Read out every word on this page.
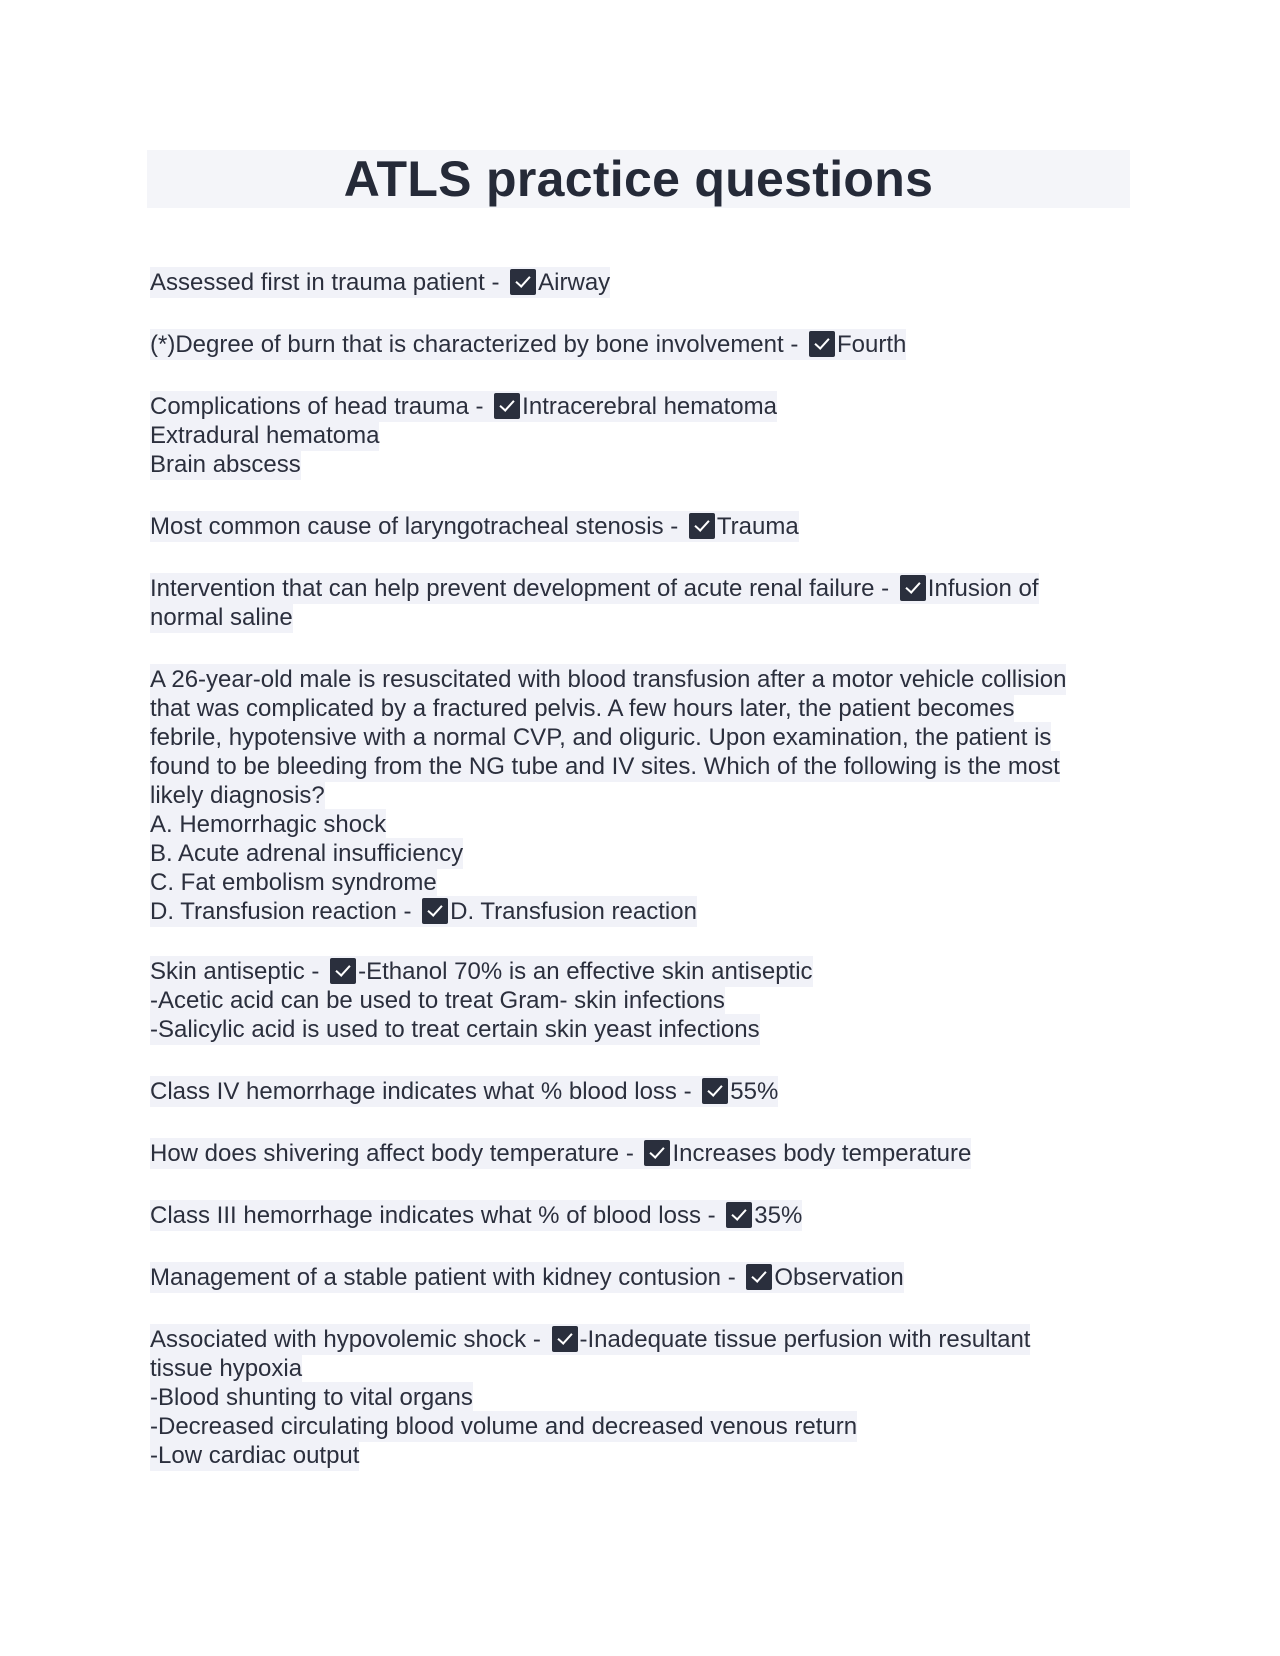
ATLS practice questions
Assessed first in trauma patient - Airway
(*)Degree of burn that is characterized by bone involvement - Fourth
Complications of head trauma - Intracerebral hematoma
Extradural hematoma
Brain abscess
Most common cause of laryngotracheal stenosis - Trauma
Intervention that can help prevent development of acute renal failure - Infusion of
normal saline
A 26-year-old male is resuscitated with blood transfusion after a motor vehicle collision
that was complicated by a fractured pelvis. A few hours later, the patient becomes
febrile, hypotensive with a normal CVP, and oliguric. Upon examination, the patient is
found to be bleeding from the NG tube and IV sites. Which of the following is the most
likely diagnosis?
A. Hemorrhagic shock
B. Acute adrenal insufficiency
C. Fat embolism syndrome
D. Transfusion reaction - D. Transfusion reaction
Skin antiseptic - -Ethanol 70% is an effective skin antiseptic
-Acetic acid can be used to treat Gram- skin infections
-Salicylic acid is used to treat certain skin yeast infections
Class IV hemorrhage indicates what % blood loss - 55%
How does shivering affect body temperature - Increases body temperature
Class III hemorrhage indicates what % of blood loss - 35%
Management of a stable patient with kidney contusion - Observation
Associated with hypovolemic shock - -Inadequate tissue perfusion with resultant
tissue hypoxia
-Blood shunting to vital organs
-Decreased circulating blood volume and decreased venous return
-Low cardiac output
